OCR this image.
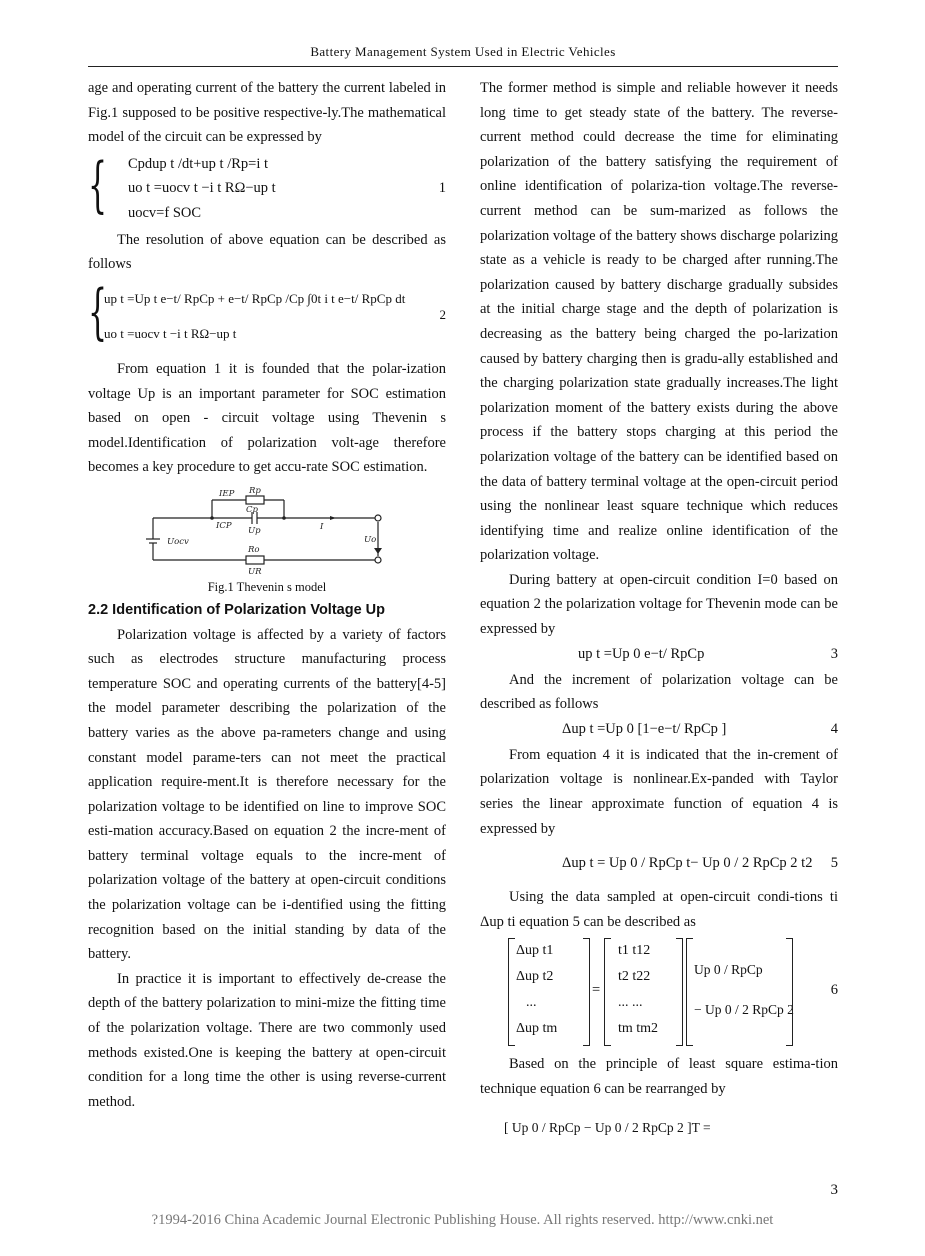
Battery Management System Used in Electric Vehicles

age and operating current of the battery the current labeled in Fig.1 supposed to be positive respective-ly.The mathematical model of the circuit can be expressed by

{	Cpdup t /dt+up t /Rp=i t
uo t =uocv t −i t RΩ−up t
uocv=f SOC
1

The resolution of above equation can be described as follows

{
up t =Up t e−t/ RpCp + e−t/ RpCp /Cp ∫0t i t e−t/ RpCp dt
uo t =uocv t −i t RΩ−up t
2

From equation 1 it is founded that the polar-ization voltage Up is an important parameter for SOC estimation based on open - circuit voltage using Thevenin s model.Identification of polarization volt-age therefore becomes a key procedure to get accu-rate SOC estimation.

IEP Rp
Cp
ICP Up	I
Uocv
Ro
UR
Uo

Fig.1 Thevenin s model

2.2 Identification of Polarization Voltage Up

Polarization voltage is affected by a variety of factors such as electrodes structure manufacturing process temperature SOC and operating currents of the battery[4-5] the model parameter describing the polarization of the battery varies as the above pa-rameters change and using constant model parame-ters can not meet the practical application require-ment.It is therefore necessary for the polarization voltage to be identified on line to improve SOC esti-mation accuracy.Based on equation 2 the incre-ment of battery terminal voltage equals to the incre-ment of polarization voltage of the battery at open-circuit conditions the polarization voltage can be i-dentified using the fitting recognition based on the initial standing by data of the battery.

In practice it is important to effectively de-crease the depth of the battery polarization to mini-mize the fitting time of the polarization voltage. There are two commonly used methods existed.One is keeping the battery at open-circuit condition for a long time the other is using reverse-current method.

The former method is simple and reliable however it needs long time to get steady state of the battery. The reverse-current method could decrease the time for eliminating polarization of the battery satisfying the requirement of online identification of polariza-tion voltage.The reverse-current method can be sum-marized as follows the polarization voltage of the battery shows discharge polarizing state as a vehicle is ready to be charged after running.The polarization caused by battery discharge gradually subsides at the initial charge stage and the depth of polarization is decreasing as the battery being charged the po-larization caused by battery charging then is gradu-ally established and the charging polarization state gradually increases.The light polarization moment of the battery exists during the above process if the battery stops charging at this period the polarization voltage of the battery can be identified based on the data of battery terminal voltage at the open-circuit period using the nonlinear least square technique which reduces identifying time and realize online identification of the polarization voltage.

During battery at open-circuit condition I=0 based on equation 2 the polarization voltage for Thevenin mode can be expressed by

up t =Up 0 e−t/ RpCp	3

And the increment of polarization voltage can be described as follows

Δup t =Up 0 [1−e−t/ RpCp ]	4

From equation 4 it is indicated that the in-crement of polarization voltage is nonlinear.Ex-panded with Taylor series the linear approximate function of equation 4 is expressed by

Δup t = Up 0 / RpCp t− Up 0 / 2 RpCp 2 t2 5

Using the data sampled at open-circuit condi-tions ti Δup ti equation 5 can be described as

Δup t1
Δup t2
...
Δup tm
=
t1 t12
t2 t22
... ...
tm tm2
Up 0 / RpCp
− Up 0 / 2 RpCp 2
6

Based on the principle of least square estima-tion technique equation 6 can be rearranged by

[ Up 0 / RpCp − Up 0 / 2 RpCp 2 ]T =
3
?1994-2016 China Academic Journal Electronic Publishing House. All rights reserved. http://www.cnki.net
